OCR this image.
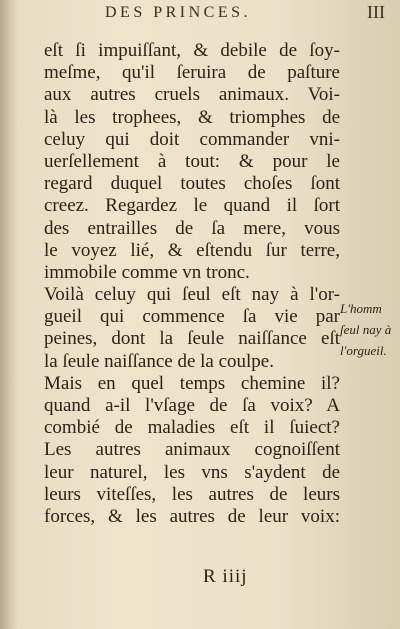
DES PRINCES.	III
eſt ſi impuiſſant, & debile de ſoy-
meſme, qu'il ſeruira de paſture
aux autres cruels animaux. Voi-
là les trophees, & triomphes de
celuy qui doit commander vni-
uerſellement à tout: & pour le
regard duquel toutes choſes ſont
creez. Regardez le quand il ſort
des entrailles de ſa mere, vous
le voyez lié, & eſtendu ſur terre,
immobile comme vn tronc.
Voilà celuy qui ſeul eſt nay à l'or-
gueil qui commence ſa vie par
peines, dont la ſeule naiſſance eſt
la ſeule naiſſance de la coulpe.
Mais en quel temps chemine il?
quand a-il l'vſage de ſa voix? A
combié de maladies eſt il ſuiect?
Les autres animaux cognoiſſent
leur naturel, les vns s'aydent de
leurs viteſſes, les autres de leurs
forces, & les autres de leur voix:
L'homm
ſeul nay à
l'orgueil.
R iiij
